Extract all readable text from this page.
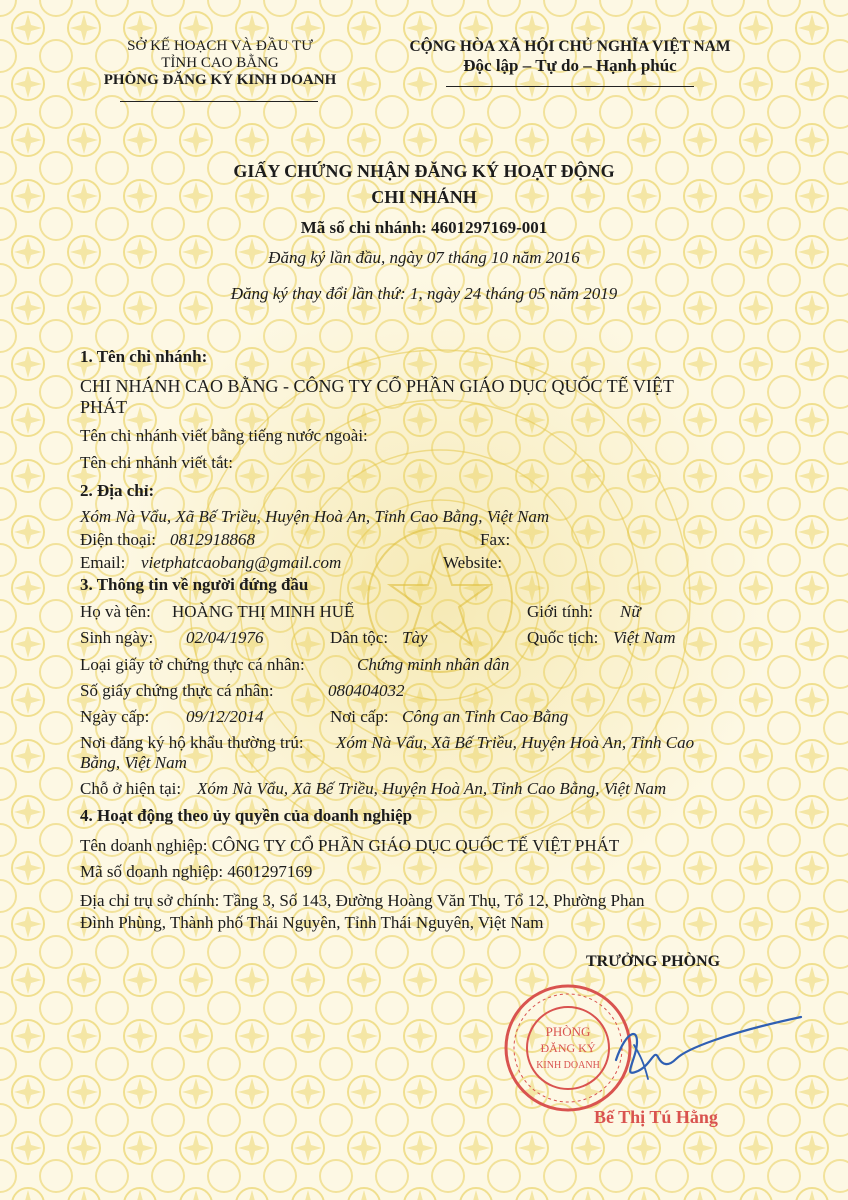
SỞ KẾ HOẠCH VÀ ĐẦU TƯ
TỈNH CAO BẰNG
PHÒNG ĐĂNG KÝ KINH DOANH
CỘNG HÒA XÃ HỘI CHỦ NGHĨA VIỆT NAM
Độc lập – Tự do – Hạnh phúc
GIẤY CHỨNG NHẬN ĐĂNG KÝ HOẠT ĐỘNG
CHI NHÁNH
Mã số chi nhánh: 4601297169-001
Đăng ký lần đầu, ngày 07 tháng 10 năm 2016
Đăng ký thay đổi lần thứ: 1, ngày 24 tháng 05 năm 2019
1. Tên chi nhánh:
CHI NHÁNH CAO BẰNG - CÔNG TY CỔ PHẦN GIÁO DỤC QUỐC TẾ VIỆT
PHÁT
Tên chi nhánh viết bằng tiếng nước ngoài:
Tên chi nhánh viết tắt:
2. Địa chỉ:
Xóm Nà Vẩu, Xã Bế Triều, Huyện Hoà An, Tỉnh Cao Bằng, Việt Nam
Điện thoại: 0812918868	Fax:
Email: vietphatcaobang@gmail.com	Website:
3. Thông tin về người đứng đầu
Họ và tên: HOÀNG THỊ MINH HUẾ	Giới tính: Nữ
Sinh ngày: 02/04/1976	Dân tộc: Tày	Quốc tịch: Việt Nam
Loại giấy tờ chứng thực cá nhân:	Chứng minh nhân dân
Số giấy chứng thực cá nhân:	080404032
Ngày cấp: 09/12/2014	Nơi cấp: Công an Tỉnh Cao Bằng
Nơi đăng ký hộ khẩu thường trú: Xóm Nà Vẩu, Xã Bế Triều, Huyện Hoà An, Tỉnh Cao
Bằng, Việt Nam
Chỗ ở hiện tại: Xóm Nà Vẩu, Xã Bế Triều, Huyện Hoà An, Tỉnh Cao Bằng, Việt Nam
4. Hoạt động theo ủy quyền của doanh nghiệp
Tên doanh nghiệp: CÔNG TY CỔ PHẦN GIÁO DỤC QUỐC TẾ VIỆT PHÁT
Mã số doanh nghiệp: 4601297169
Địa chỉ trụ sở chính: Tầng 3, Số 143, Đường Hoàng Văn Thụ, Tổ 12, Phường Phan
Đình Phùng, Thành phố Thái Nguyên, Tỉnh Thái Nguyên, Việt Nam
TRƯỞNG PHÒNG
PHÒNG
ĐĂNG KÝ
KINH DOANH
Bế Thị Tú Hằng
